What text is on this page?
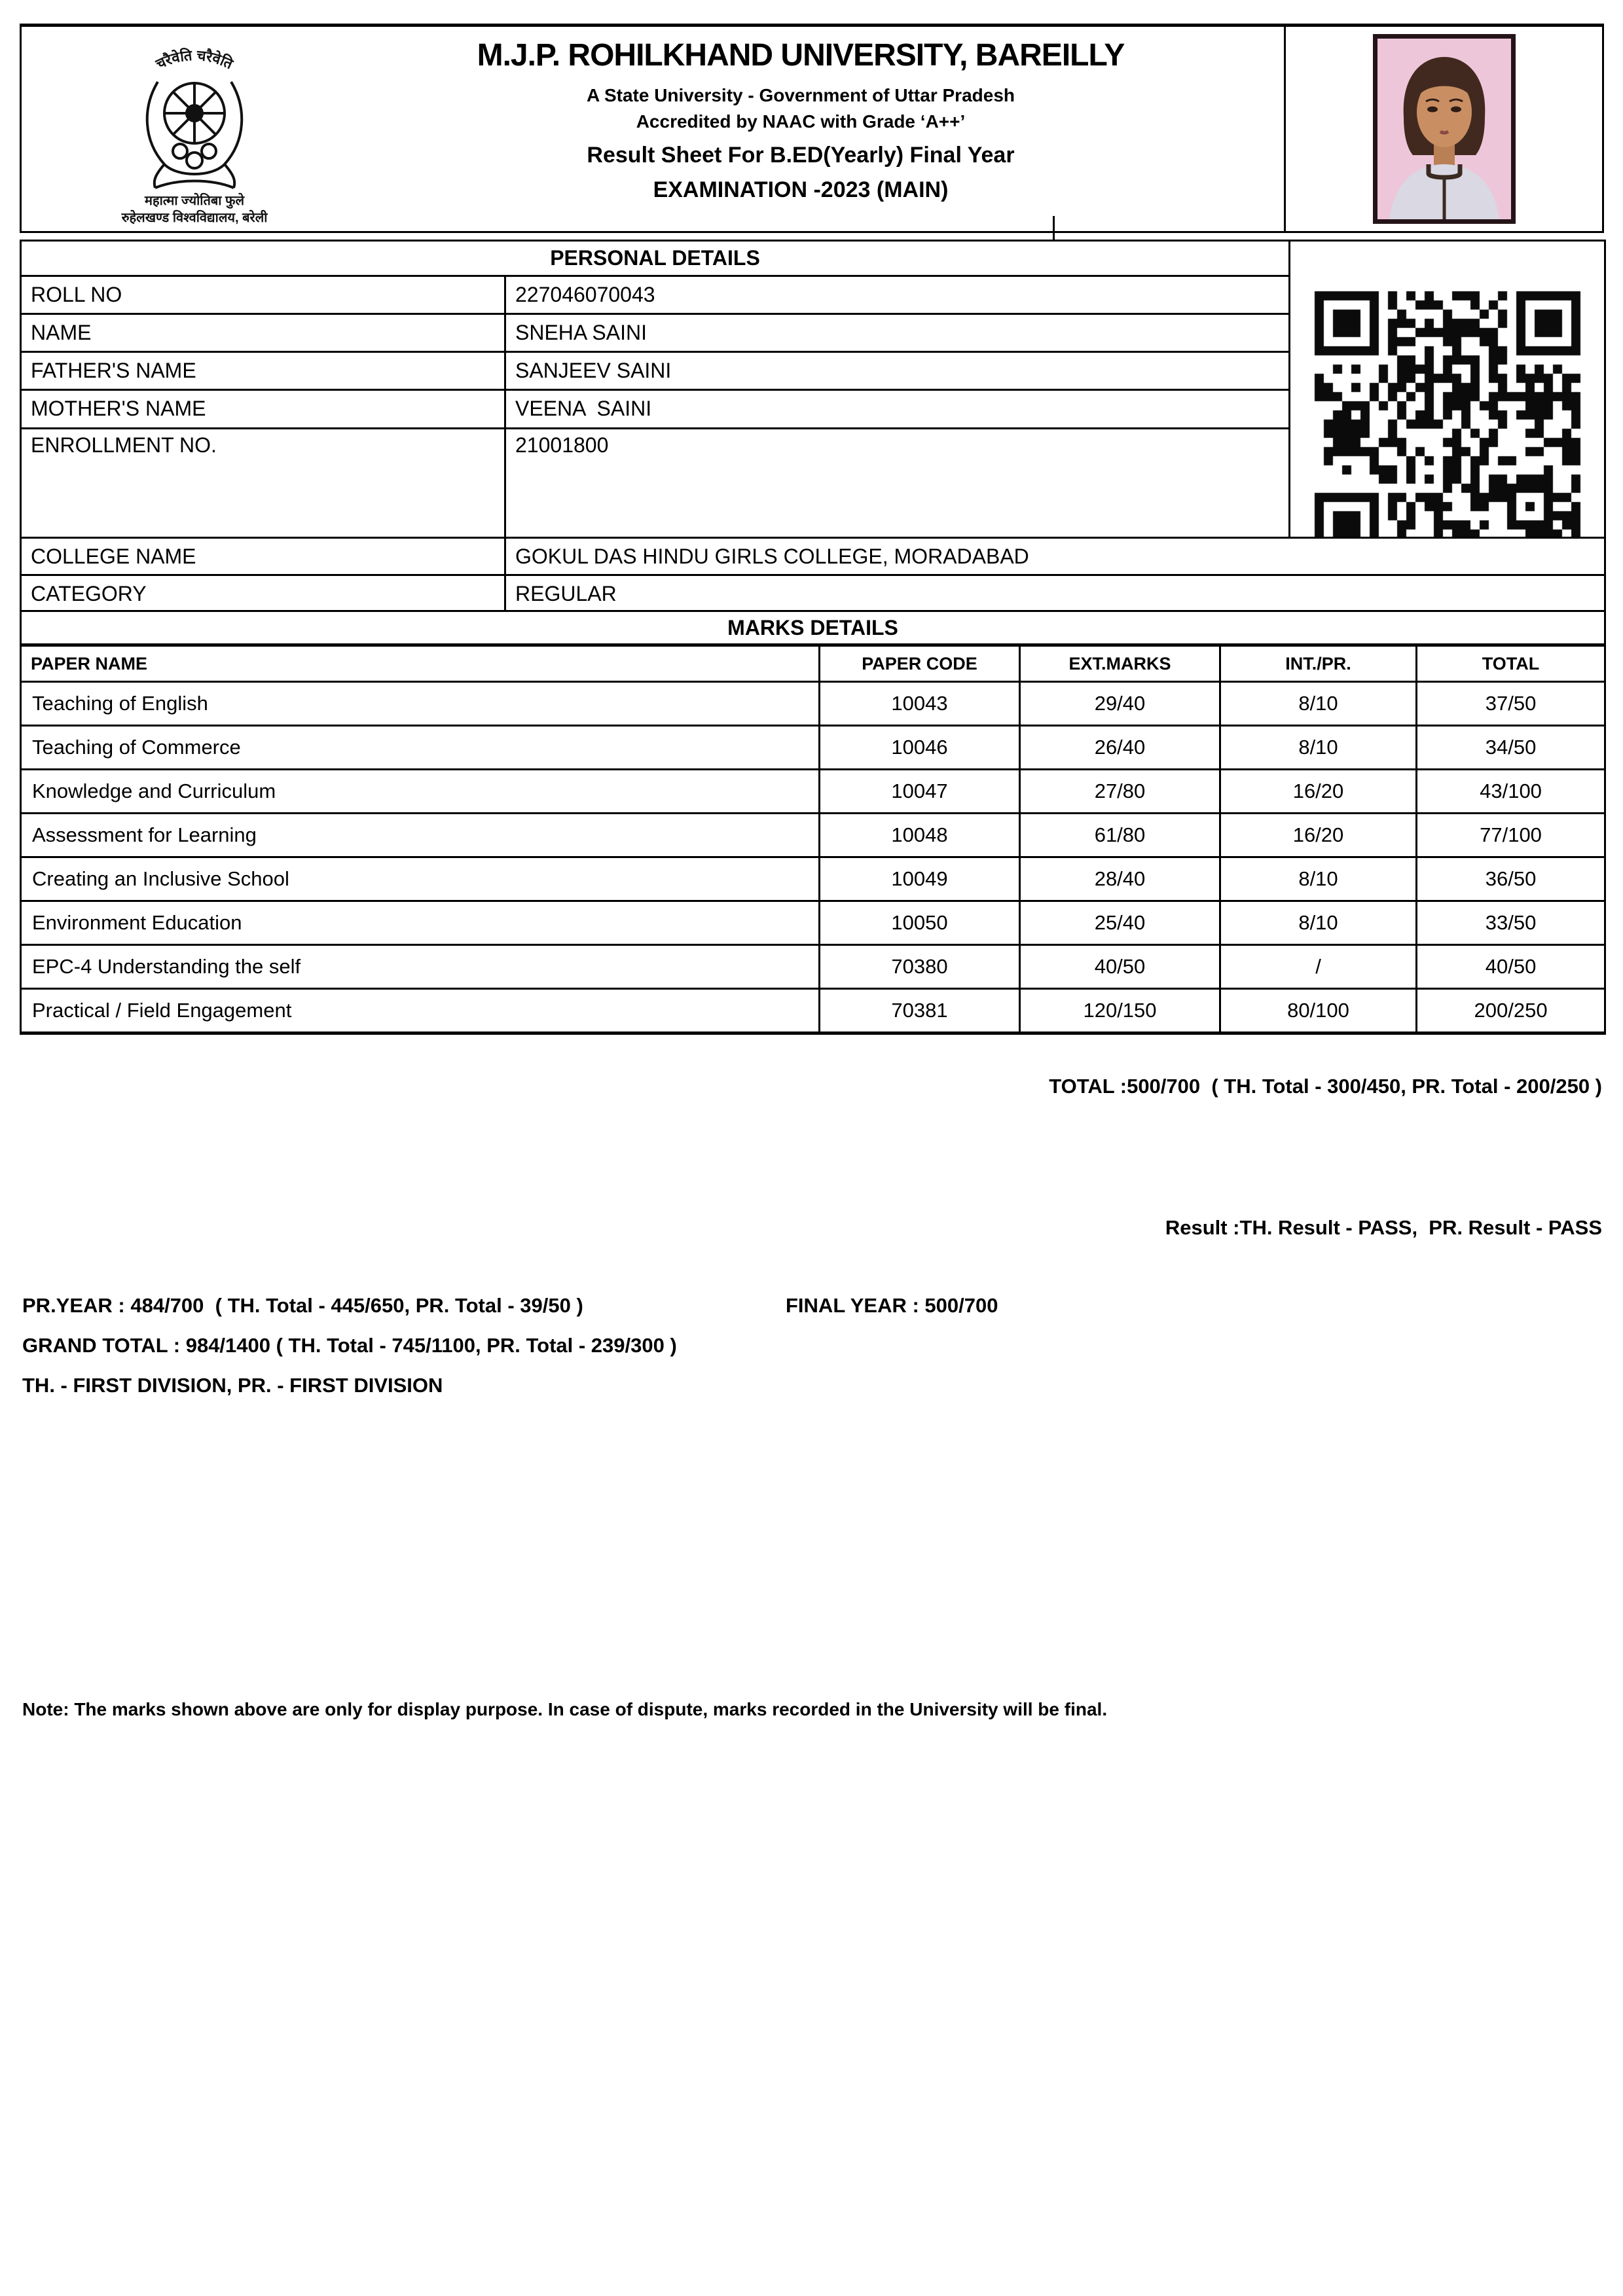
चरैवेति चरैवेति
महात्मा ज्योतिबा फुले
रुहेलखण्ड विश्वविद्यालय, बरेली
M.J.P. ROHILKHAND UNIVERSITY, BAREILLY
A State University - Government of Uttar Pradesh
Accredited by NAAC with Grade ‘A++’
Result Sheet For B.ED(Yearly) Final Year
EXAMINATION -2023 (MAIN)
PERSONAL DETAILS	

ROLL NO	227046070043	
NAME	SNEHA SAINI	
FATHER'S NAME	SANJEEV SAINI	
MOTHER'S NAME	VEENA  SAINI	
ENROLLMENT NO.	21001800	
COLLEGE NAME	GOKUL DAS HINDU GIRLS COLLEGE, MORADABAD
CATEGORY	REGULAR
MARKS DETAILS				
PAPER NAME	PAPER CODE	EXT.MARKS	INT./PR.	TOTAL
Teaching of English	10043	29/40	8/10	37/50
Teaching of Commerce	10046	26/40	8/10	34/50
Knowledge and Curriculum	10047	27/80	16/20	43/100
Assessment for Learning	10048	61/80	16/20	77/100
Creating an Inclusive School	10049	28/40	8/10	36/50
Environment Education	10050	25/40	8/10	33/50
EPC-4 Understanding the self	70380	40/50	/	40/50
Practical / Field Engagement	70381	120/150	80/100	200/250
TOTAL :500/700  ( TH. Total - 300/450, PR. Total - 200/250 )
Result :TH. Result - PASS,  PR. Result - PASS
PR.YEAR : 484/700  ( TH. Total - 445/650, PR. Total - 39/50 )	FINAL YEAR : 500/700
GRAND TOTAL : 984/1400 ( TH. Total - 745/1100, PR. Total - 239/300 )
TH. - FIRST DIVISION, PR. - FIRST DIVISION
Note: The marks shown above are only for display purpose. In case of dispute, marks recorded in the University will be final.
